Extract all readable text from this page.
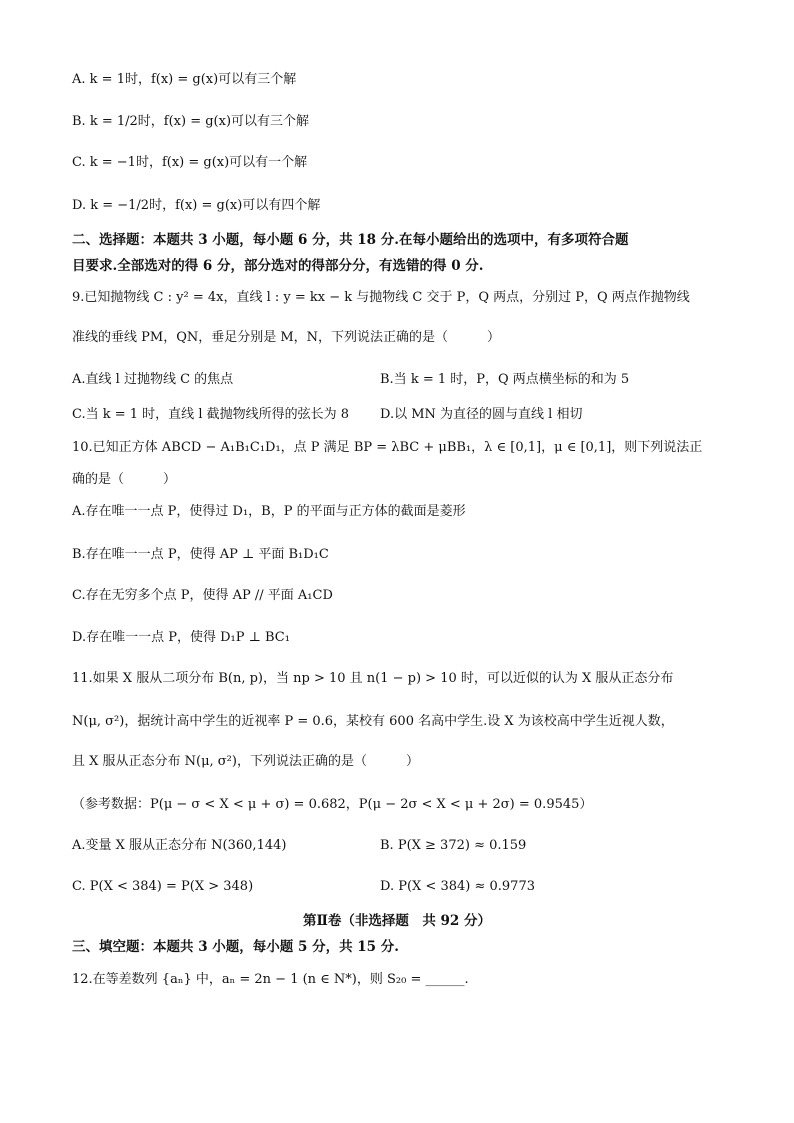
A. k = 1时，f(x) = g(x)可以有三个解
B. k = 1/2时，f(x) = g(x)可以有三个解
C. k = −1时，f(x) = g(x)可以有一个解
D. k = −1/2时，f(x) = g(x)可以有四个解
二、选择题：本题共 3 小题，每小题 6 分，共 18 分.在每小题给出的选项中，有多项符合题
目要求.全部选对的得 6 分，部分选对的得部分分，有选错的得 0 分.
9.已知抛物线 C : y² = 4x，直线 l : y = kx − k 与抛物线 C 交于 P，Q 两点，分别过 P，Q 两点作抛物线
准线的垂线 PM，QN，垂足分别是 M，N，下列说法正确的是（　　　）
A.直线 l 过抛物线 C 的焦点	B.当 k = 1 时，P，Q 两点横坐标的和为 5
C.当 k = 1 时，直线 l 截抛物线所得的弦长为 8 D.以 MN 为直径的圆与直线 l 相切
10.已知正方体 ABCD − A₁B₁C₁D₁，点 P 满足 BP = λBC + μBB₁，λ ∈ [0,1]，μ ∈ [0,1]，则下列说法正
确的是（　　　）
A.存在唯一一点 P，使得过 D₁，B，P 的平面与正方体的截面是菱形
B.存在唯一一点 P，使得 AP ⊥ 平面 B₁D₁C
C.存在无穷多个点 P，使得 AP // 平面 A₁CD
D.存在唯一一点 P，使得 D₁P ⊥ BC₁
11.如果 X 服从二项分布 B(n, p)，当 np > 10 且 n(1 − p) > 10 时，可以近似的认为 X 服从正态分布
N(μ, σ²)，据统计高中学生的近视率 P = 0.6，某校有 600 名高中学生.设 X 为该校高中学生近视人数，
且 X 服从正态分布 N(μ, σ²)，下列说法正确的是（　　　）
（参考数据：P(μ − σ < X < μ + σ) = 0.682，P(μ − 2σ < X < μ + 2σ) = 0.9545）
A.变量 X 服从正态分布 N(360,144)	B. P(X ≥ 372) ≈ 0.159
C. P(X < 384) = P(X > 348)	D. P(X < 384) ≈ 0.9773
第Ⅱ卷（非选择题　共 92 分）
三、填空题：本题共 3 小题，每小题 5 分，共 15 分.
12.在等差数列 {aₙ} 中，aₙ = 2n − 1 (n ∈ N*)，则 S₂₀ = ______.
